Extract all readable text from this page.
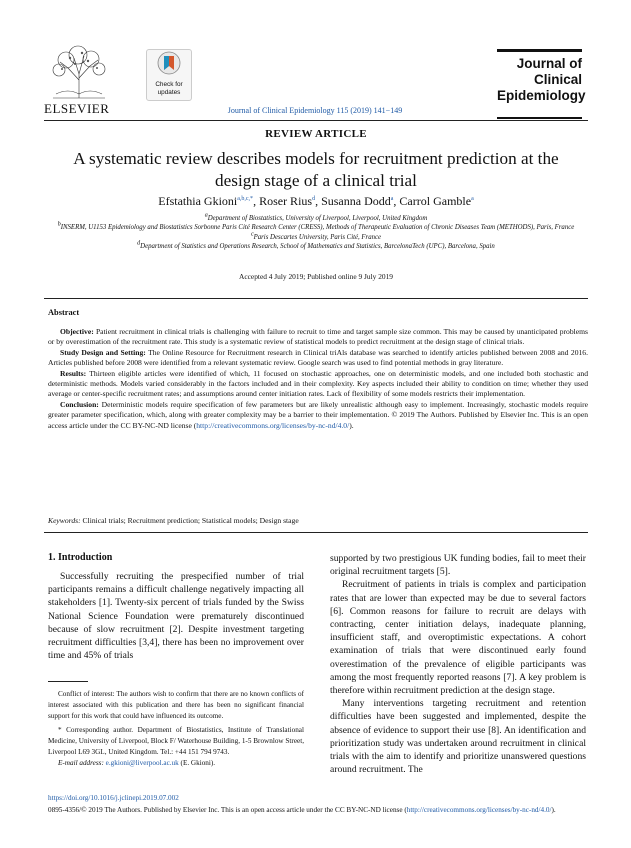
ELSEVIER
Check for
updates
Journal of Clinical Epidemiology 115 (2019) 141−149
Journal of
Clinical
Epidemiology
REVIEW ARTICLE
A systematic review describes models for recruitment prediction at the
design stage of a clinical trial
Efstathia Gkioni$^{a,b,c,*}$, Roser Rius$^d$, Susanna Dodd$^a$, Carrol Gamble$^a$
$^a$Department of Biostatistics, University of Liverpool, Liverpool, United Kingdom
$^b$INSERM, U1153 Epidemiology and Biostatistics Sorbonne Paris Cité Research Center (CRESS), Methods of Therapeutic Evaluation of Chronic Diseases Team (METHODS), Paris, France
$^c$Paris Descartes University, Paris Cité, France
$^d$Department of Statistics and Operations Research, School of Mathematics and Statistics, BarcelonaTech (UPC), Barcelona, Spain
Accepted 4 July 2019; Published online 9 July 2019
Abstract

Objective: Patient recruitment in clinical trials is challenging with failure to recruit to time and target sample size common. This may be caused by unanticipated problems or by overestimation of the recruitment rate. This study is a systematic review of statistical models to predict recruitment at the design stage of clinical trials.

Study Design and Setting: The Online Resource for Recruitment research in Clinical triAls database was searched to identify articles published between 2008 and 2016. Articles published before 2008 were identified from a relevant systematic review. Google search was used to find potential methods in gray literature.

Results: Thirteen eligible articles were identified of which, 11 focused on stochastic approaches, one on deterministic models, and one included both stochastic and deterministic methods. Models varied considerably in the factors included and in their complexity. Key aspects included their ability to condition on time; whether they used average or center-specific recruitment rates; and assumptions around center initiation rates. Lack of flexibility of some models restricts their implementation.

Conclusion: Deterministic models require specification of few parameters but are likely unrealistic although easy to implement. Increasingly, stochastic models require greater parameter specification, which, along with greater complexity may be a barrier to their implementation. © 2019 The Authors. Published by Elsevier Inc. This is an open access article under the CC BY-NC-ND license (http://creativecommons.org/licenses/by-nc-nd/4.0/).

Keywords: Clinical trials; Recruitment prediction; Statistical models; Design stage
1. Introduction

Successfully recruiting the prespecified number of trial participants remains a difficult challenge negatively impacting all stakeholders [1]. Twenty-six percent of trials funded by the Swiss National Science Foundation were prematurely discontinued because of slow recruitment [2]. Despite investment targeting recruitment difficulties [3,4], there has been no improvement over time and 45% of trials

Conflict of interest: The authors wish to confirm that there are no known conflicts of interest associated with this publication and there has been no significant financial support for this work that could have influenced its outcome.

* Corresponding author. Department of Biostatistics, Institute of Translational Medicine, University of Liverpool, Block F/ Waterhouse Building, 1-5 Brownlow Street, Liverpool L69 3GL, United Kingdom. Tel.: +44 151 794 9743.

E-mail address: e.gkioni@liverpool.ac.uk (E. Gkioni).

supported by two prestigious UK funding bodies, fail to meet their original recruitment targets [5].

Recruitment of patients in trials is complex and participation rates that are lower than expected may be due to several factors [6]. Common reasons for failure to recruit are delays with contracting, center initiation delays, inadequate planning, insufficient staff, and overoptimistic expectations. A cohort examination of trials that were discontinued early found overestimation of the prevalence of eligible participants was among the most frequently reported reasons [7]. A key problem is therefore within recruitment prediction at the design stage.

Many interventions targeting recruitment and retention difficulties have been suggested and implemented, despite the absence of evidence to support their use [8]. An identification and prioritization study was undertaken around recruitment in clinical trials with the aim to identify and prioritize unanswered questions around recruitment. The

https://doi.org/10.1016/j.jclinepi.2019.07.002
0895-4356/© 2019 The Authors. Published by Elsevier Inc. This is an open access article under the CC BY-NC-ND license (http://creativecommons.org/licenses/by-nc-nd/4.0/).
